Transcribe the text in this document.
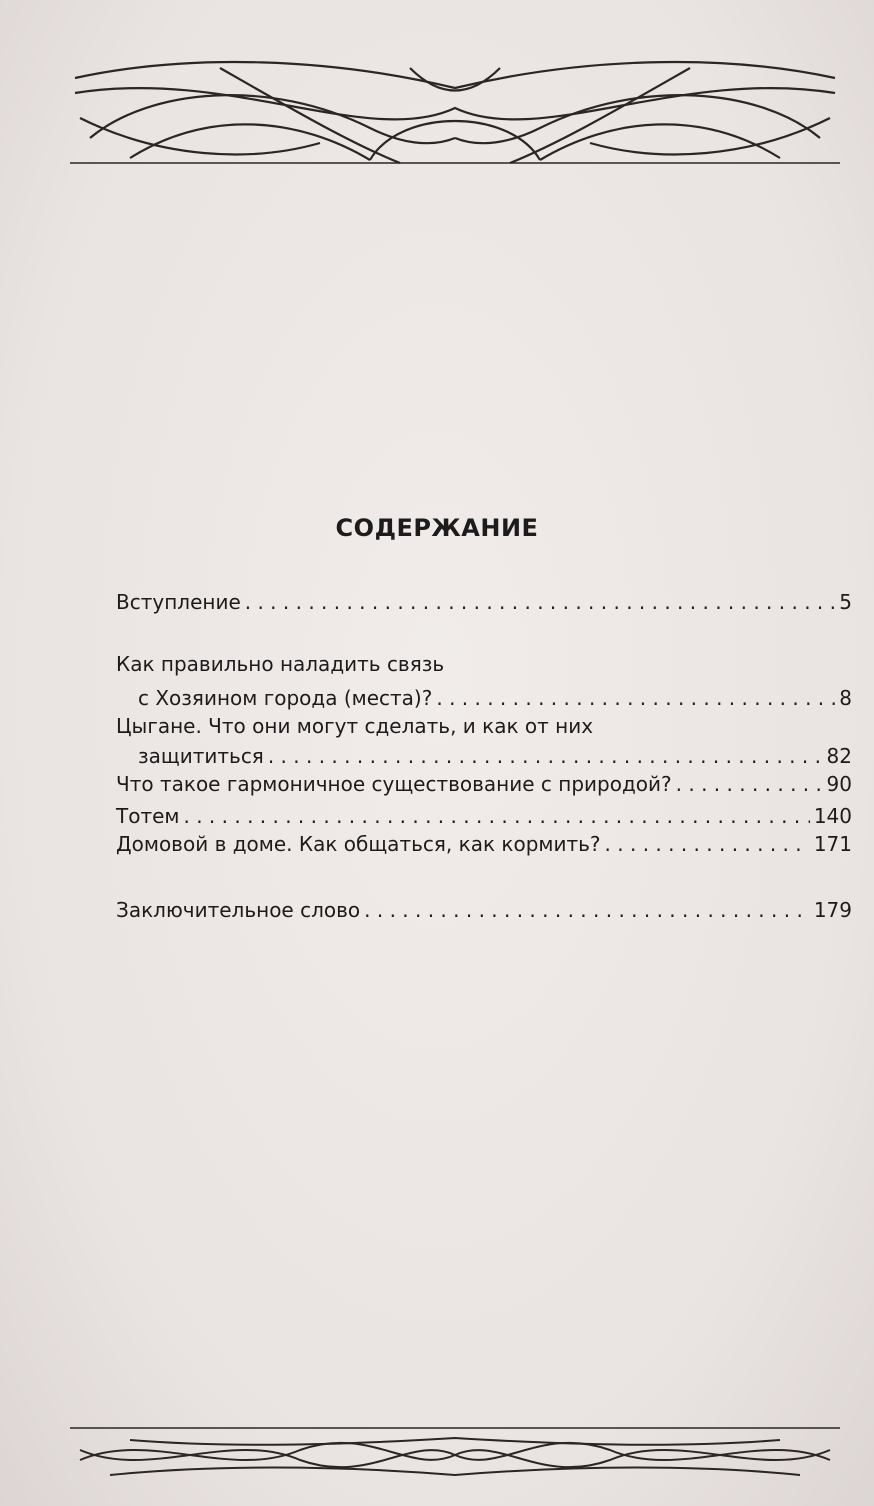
СОДЕРЖАНИЕ
Вступление . . .	5
Как правильно наладить связь
с Хозяином города (места)? . . .	8
Цыгане. Что они могут сделать, и как от них
защититься . . .	82
Что такое гармоничное существование с природой? . . .	90
Тотем . . .	140
Домовой в доме. Как общаться, как кормить? . . .	171
Заключительное слово . . .	179
